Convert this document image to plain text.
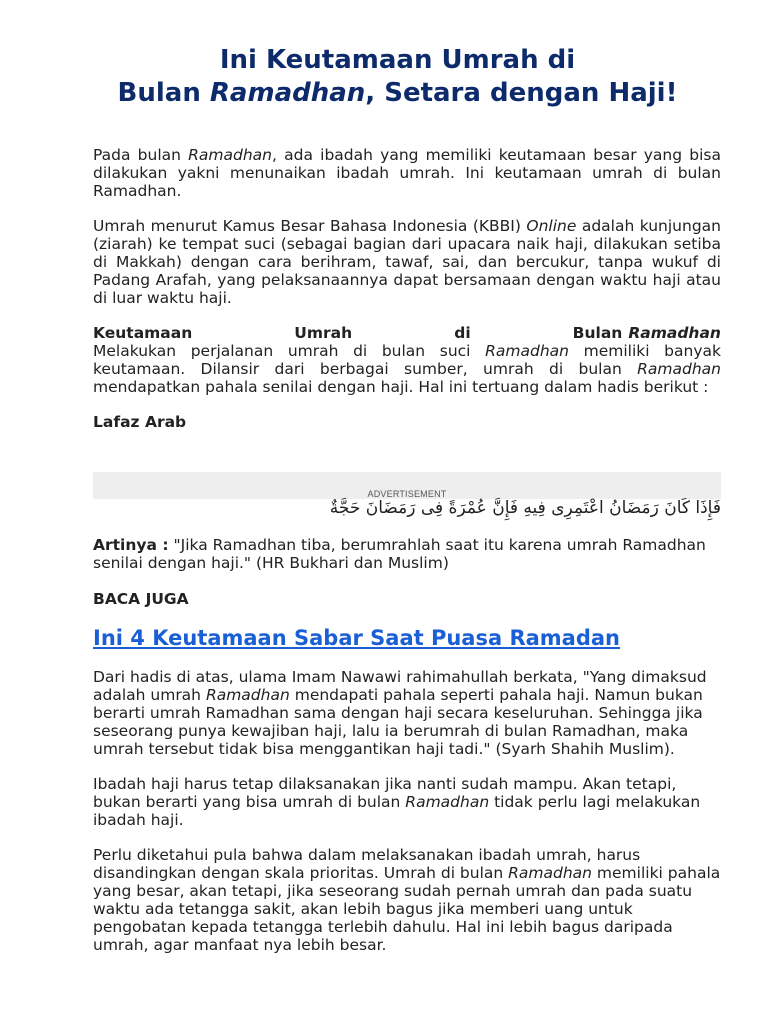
Ini Keutamaan Umrah di
Bulan Ramadhan, Setara dengan Haji!

Pada bulan Ramadhan, ada ibadah yang memiliki keutamaan besar yang bisa dilakukan yakni menunaikan ibadah umrah. Ini keutamaan umrah di bulan Ramadhan.

Umrah menurut Kamus Besar Bahasa Indonesia (KBBI) Online adalah kunjungan (ziarah) ke tempat suci (sebagai bagian dari upacara naik haji, dilakukan setiba di Makkah) dengan cara berihram, tawaf, sai, dan bercukur, tanpa wukuf di Padang Arafah, yang pelaksanaannya dapat bersamaan dengan waktu haji atau di luar waktu haji.

Keutamaan	Umrah	di	Bulan Ramadhan

Melakukan perjalanan umrah di bulan suci Ramadhan memiliki banyak keutamaan. Dilansir dari berbagai sumber, umrah di bulan Ramadhan mendapatkan pahala senilai dengan haji. Hal ini tertuang dalam hadis berikut :

Lafaz Arab

ADVERTISEMENT
فَإِذَا كَانَ رَمَضَانُ اعْتَمِرِى فِيهِ فَإِنَّ عُمْرَةً فِى رَمَضَانَ حَجَّةٌ

Artinya : "Jika Ramadhan tiba, berumrahlah saat itu karena umrah Ramadhan senilai dengan haji." (HR Bukhari dan Muslim)

BACA JUGA

Ini 4 Keutamaan Sabar Saat Puasa Ramadan

Dari hadis di atas, ulama Imam Nawawi rahimahullah berkata, "Yang dimaksud adalah umrah Ramadhan mendapati pahala seperti pahala haji. Namun bukan berarti umrah Ramadhan sama dengan haji secara keseluruhan. Sehingga jika seseorang punya kewajiban haji, lalu ia berumrah di bulan Ramadhan, maka umrah tersebut tidak bisa menggantikan haji tadi." (Syarh Shahih Muslim).

Ibadah haji harus tetap dilaksanakan jika nanti sudah mampu. Akan tetapi, bukan berarti yang bisa umrah di bulan Ramadhan tidak perlu lagi melakukan ibadah haji.

Perlu diketahui pula bahwa dalam melaksanakan ibadah umrah, harus disandingkan dengan skala prioritas. Umrah di bulan Ramadhan memiliki pahala yang besar, akan tetapi, jika seseorang sudah pernah umrah dan pada suatu waktu ada tetangga sakit, akan lebih bagus jika memberi uang untuk pengobatan kepada tetangga terlebih dahulu. Hal ini lebih bagus daripada umrah, agar manfaat nya lebih besar.
